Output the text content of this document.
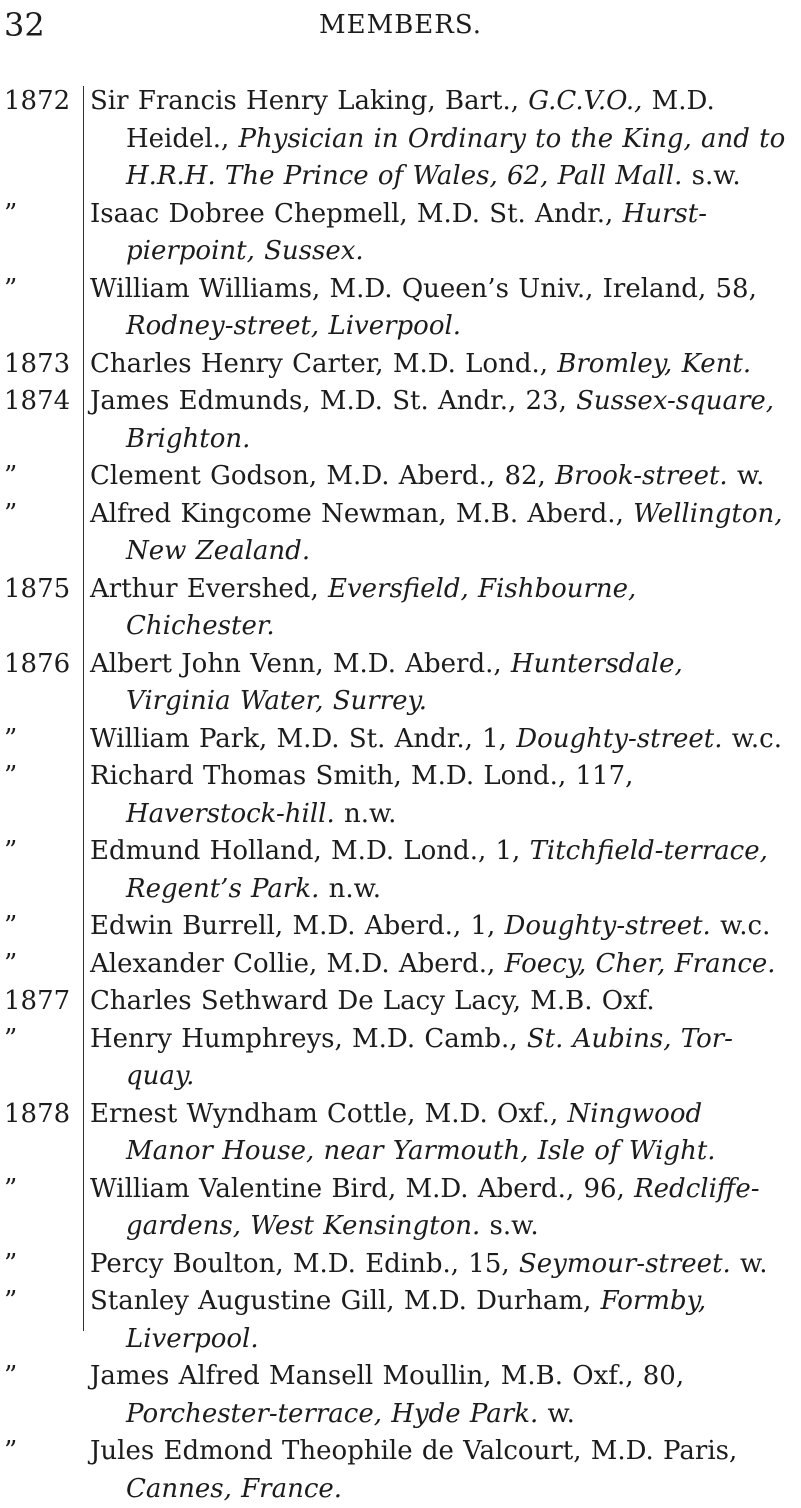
32	MEMBERS.
1872 Sir Francis Henry Laking, Bart., G.C.V.O., M.D. Heidel., Physician in Ordinary to the King, and to H.R.H. The Prince of Wales, 62, Pall Mall. s.w.
”	Isaac Dobree Chepmell, M.D. St. Andr., Hurst-pierpoint, Sussex.
”	William Williams, M.D. Queen’s Univ., Ireland, 58, Rodney-street, Liverpool.
1873 Charles Henry Carter, M.D. Lond., Bromley, Kent.
1874 James Edmunds, M.D. St. Andr., 23, Sussex-square, Brighton.
”	Clement Godson, M.D. Aberd., 82, Brook-street. w.
”	Alfred Kingcome Newman, M.B. Aberd., Wellington, New Zealand.
1875 Arthur Evershed, Eversfield, Fishbourne, Chichester.
1876 Albert John Venn, M.D. Aberd., Huntersdale, Virginia Water, Surrey.
”	William Park, M.D. St. Andr., 1, Doughty-street. w.c.
”	Richard Thomas Smith, M.D. Lond., 117, Haverstock-hill. n.w.
”	Edmund Holland, M.D. Lond., 1, Titchfield-terrace, Regent’s Park. n.w.
”	Edwin Burrell, M.D. Aberd., 1, Doughty-street. w.c.
”	Alexander Collie, M.D. Aberd., Foecy, Cher, France.
1877 Charles Sethward De Lacy Lacy, M.B. Oxf.
”	Henry Humphreys, M.D. Camb., St. Aubins, Tor-quay.
1878 Ernest Wyndham Cottle, M.D. Oxf., Ningwood Manor House, near Yarmouth, Isle of Wight.
”	William Valentine Bird, M.D. Aberd., 96, Redcliffe-gardens, West Kensington. s.w.
”	Percy Boulton, M.D. Edinb., 15, Seymour-street. w.
”	Stanley Augustine Gill, M.D. Durham, Formby, Liverpool.
”	James Alfred Mansell Moullin, M.B. Oxf., 80, Porchester-terrace, Hyde Park. w.
”	Jules Edmond Theophile de Valcourt, M.D. Paris, Cannes, France.
